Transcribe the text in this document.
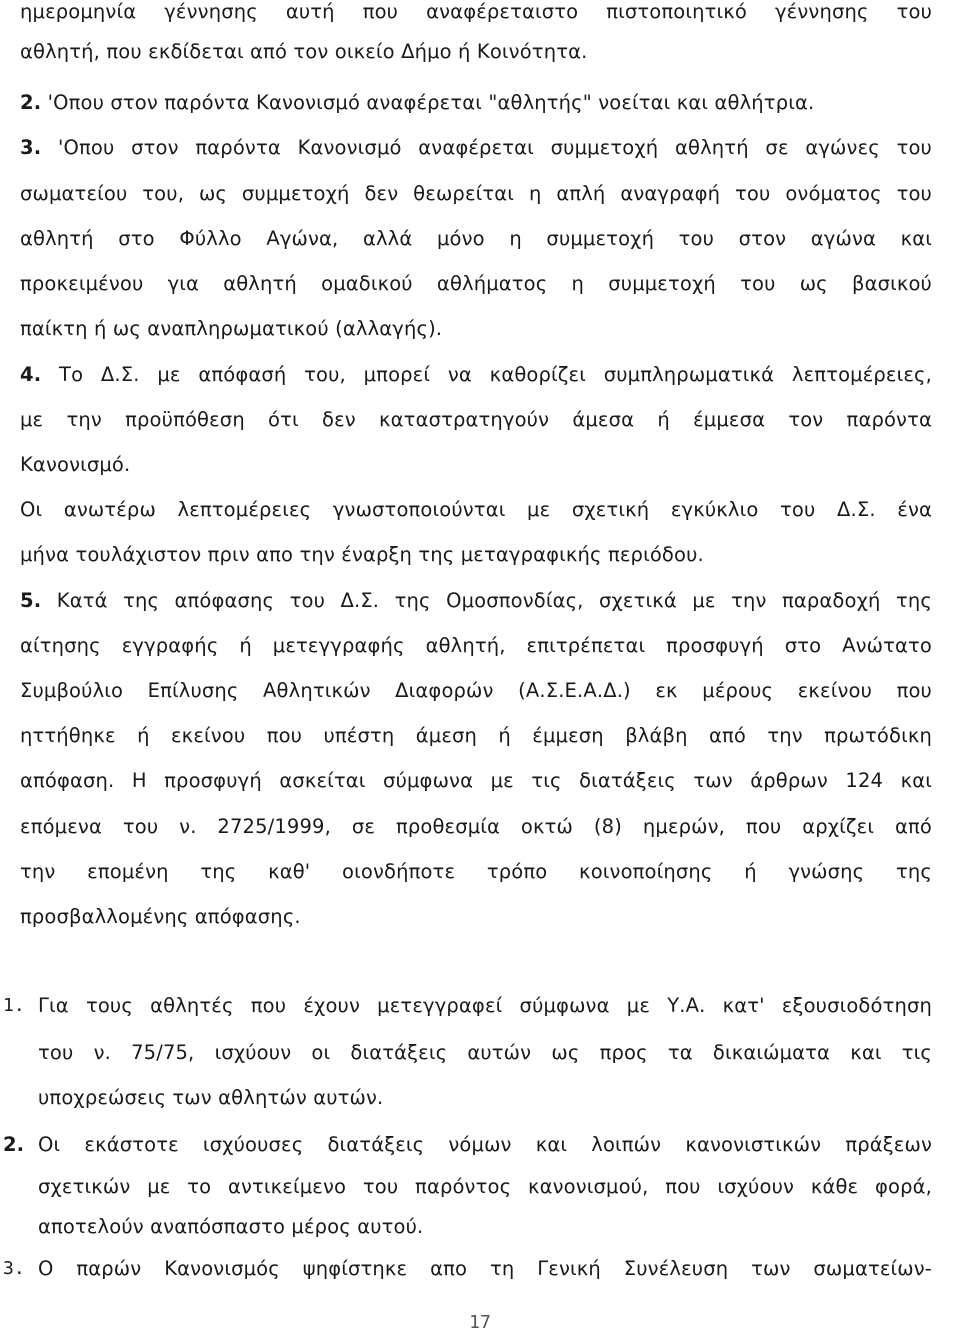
ημερομηνία γέννησης αυτή που αναφέρεταιστο πιστοποιητικό γέννησης του
αθλητή, που εκδίδεται από τον οικείο Δήμο ή Κοινότητα.
2. 'Οπου στον παρόντα Κανονισμό αναφέρεται "αθλητής" νοείται και αθλήτρια.
3. 'Οπου στον παρόντα Κανονισμό αναφέρεται συμμετοχή αθλητή σε αγώνες του
σωματείου του, ως συμμετοχή δεν θεωρείται η απλή αναγραφή του ονόματος του
αθλητή στο Φύλλο Αγώνα, αλλά μόνο η συμμετοχή του στον αγώνα και
προκειμένου για αθλητή ομαδικού αθλήματος η συμμετοχή του ως βασικού
παίκτη ή ως αναπληρωματικού (αλλαγής).
4. Το Δ.Σ. με απόφασή του, μπορεί να καθορίζει συμπληρωματικά λεπτομέρειες,
με την προϋπόθεση ότι δεν καταστρατηγούν άμεσα ή έμμεσα τον παρόντα
Κανονισμό.
Οι ανωτέρω λεπτομέρειες γνωστοποιούνται με σχετική εγκύκλιο του Δ.Σ. ένα
μήνα τουλάχιστον πριν απο την έναρξη της μεταγραφικής περιόδου.
5. Κατά της απόφασης του Δ.Σ. της Ομοσπονδίας, σχετικά με την παραδοχή της
αίτησης εγγραφής ή μετεγγραφής αθλητή, επιτρέπεται προσφυγή στο Ανώτατο
Συμβούλιο Επίλυσης Αθλητικών Διαφορών (Α.Σ.Ε.Α.Δ.) εκ μέρους εκείνου που
ηττήθηκε ή εκείνου που υπέστη άμεση ή έμμεση βλάβη από την πρωτόδικη
απόφαση. Η προσφυγή ασκείται σύμφωνα με τις διατάξεις των άρθρων 124 και
επόμενα του ν. 2725/1999, σε προθεσμία οκτώ (8) ημερών, που αρχίζει από
την επομένη της καθ' οιονδήποτε τρόπο κοινοποίησης ή γνώσης της
προσβαλλομένης απόφασης.
1. Για τους αθλητές που έχουν μετεγγραφεί σύμφωνα με Υ.Α. κατ' εξουσιοδότηση
του ν. 75/75, ισχύουν οι διατάξεις αυτών ως προς τα δικαιώματα και τις
υποχρεώσεις των αθλητών αυτών.
2. Οι εκάστοτε ισχύουσες διατάξεις νόμων και λοιπών κανονιστικών πράξεων
σχετικών με το αντικείμενο του παρόντος κανονισμού, που ισχύουν κάθε φορά,
αποτελούν αναπόσπαστο μέρος αυτού.
3. Ο παρών Κανονισμός ψηφίστηκε απο τη Γενική Συνέλευση των σωματείων-
17
